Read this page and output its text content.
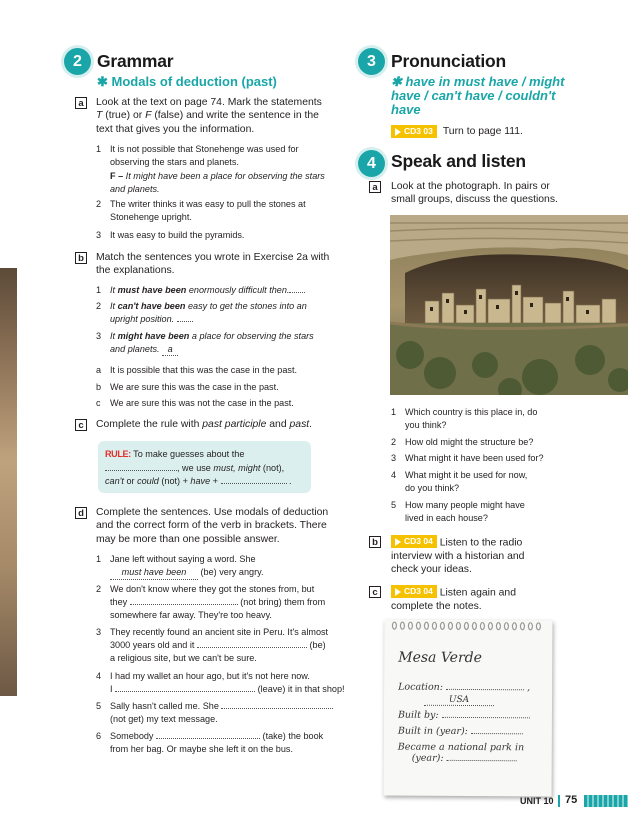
2 Grammar
✱ Modals of deduction (past)
a	Look at the text on page 74. Mark the statements
T (true) or F (false) and write the sentence in the
text that gives you the information.
1 It is not possible that Stonehenge was used for
observing the stars and planets.
F – It might have been a place for observing the stars
and planets.
2 The writer thinks it was easy to pull the stones at
Stonehenge upright.
3 It was easy to build the pyramids.
b Match the sentences you wrote in Exercise 2a with
the explanations.
1 It must have been enormously difficult then.
2 It can't have been easy to get the stones into an
upright position.
3 It might have been a place for observing the stars
and planets. a
a It is possible that this was the case in the past.
b We are sure this was the case in the past.
c We are sure this was not the case in the past.
c	Complete the rule with past participle and past.
RULE: To make guesses about the
, we use must, might (not),
can't or could (not) + have +	.
d Complete the sentences. Use modals of deduction
and the correct form of the verb in brackets. There
may be more than one possible answer.
1 Jane left without saying a word. She
must have been (be) very angry.
2 We don't know where they got the stones from, but
they	(not bring) them from
somewhere far away. They're too heavy.
3 They recently found an ancient site in Peru. It's almost
3000 years old and it	(be)
a religious site, but we can't be sure.
4 I had my wallet an hour ago, but it's not here now.
I	(leave) it in that shop!
5 Sally hasn't called me. She
(not get) my text message.
6 Somebody	(take) the book
from her bag. Or maybe she left it on the bus.
3 Pronunciation
✱ have in must have / might
have / can't have / couldn't
have
CD3 03 Turn to page 111.
4 Speak and listen
a	Look at the photograph. In pairs or
small groups, discuss the questions.
1 Which country is this place in, do
you think?
2 How old might the structure be?
3 What might it have been used for?
4 What might it be used for now,
do you think?
5 How many people might have
lived in each house?
b	CD3 04 Listen to the radio
interview with a historian and
check your ideas.
c	CD3 04 Listen again and
complete the notes.
Mesa Verde
Location:	,
USA
Built by:
Built in (year):
Became a national park in
(year):
UNIT 10 75
